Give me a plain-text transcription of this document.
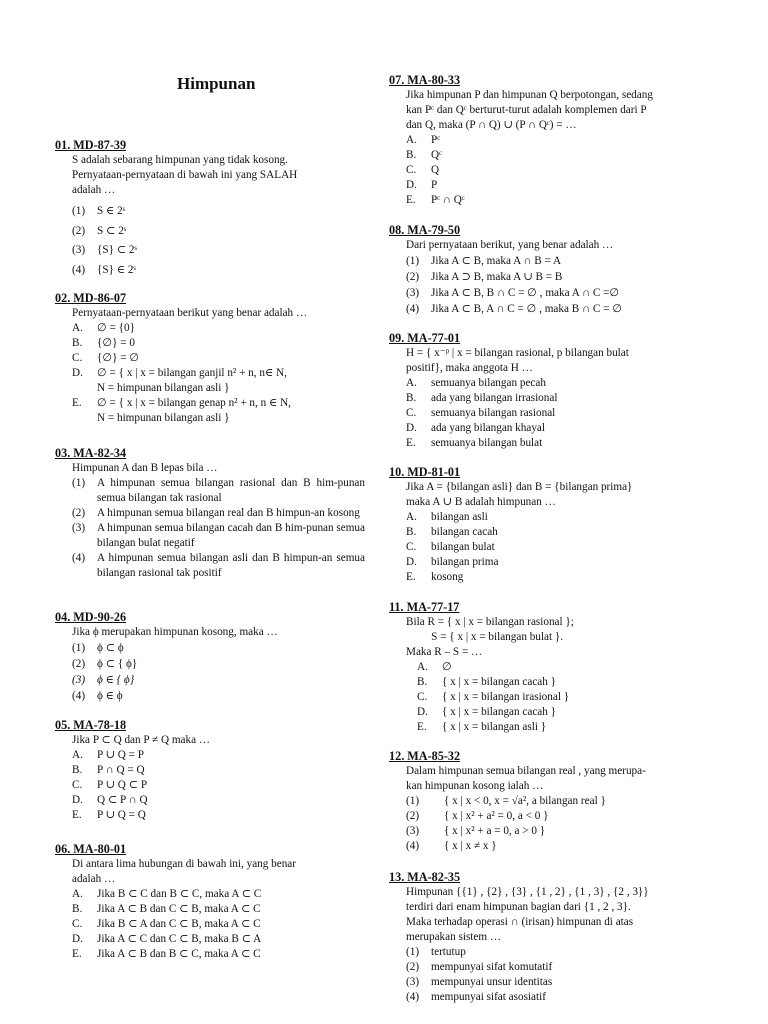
Himpunan
01. MD-87-39
S adalah sebarang himpunan yang tidak kosong.
Pernyataan-pernyataan di bawah ini yang SALAH
adalah …
(1)	S ∈ 2ˢ
(2)	S ⊂ 2ˢ
(3)	{S} ⊂ 2ˢ
(4)	{S} ∈ 2ˢ
02. MD-86-07
Pernyataan-pernyataan berikut yang benar adalah …
A.	∅ = {0}
B.	{∅} = 0
C.	{∅} = ∅
D.	∅ = { x | x = bilangan ganjil n² + n, n∈ N,
N = himpunan bilangan asli }
E.	∅ = { x | x = bilangan genap n² + n, n ∈ N,
N = himpunan bilangan asli }
03. MA-82-34
Himpunan A dan B lepas bila …
(1)	A himpunan semua bilangan rasional dan B him-punan semua bilangan tak rasional
(2)	A himpunan semua bilangan real dan B himpun-an kosong
(3)	A himpunan semua bilangan cacah dan B him-punan semua bilangan bulat negatif
(4)	A himpunan semua bilangan asli dan B himpun-an semua bilangan rasional tak positif
04. MD-90-26
Jika ϕ merupakan himpunan kosong, maka …
(1)	ϕ ⊂ ϕ
(2)	ϕ ⊂ { ϕ}
(3)	ϕ ∈ { ϕ}
(4)	ϕ ∈ ϕ
05. MA-78-18
Jika P ⊂ Q dan P ≠ Q maka …
A.	P ∪ Q = P
B.	P ∩ Q = Q
C.	P ∪ Q ⊂ P
D.	Q ⊂ P ∩ Q
E.	P ∪ Q = Q
06. MA-80-01
Di antara lima hubungan di bawah ini, yang benar
adalah …
A.	Jika B ⊂ C dan B ⊂ C, maka A ⊂ C
B.	Jika A ⊂ B dan C ⊂ B, maka A ⊂ C
C.	Jika B ⊂ A dan C ⊂ B, maka A ⊂ C
D.	Jika A ⊂ C dan C ⊂ B, maka B ⊂ A
E.	Jika A ⊂ B dan B ⊂ C, maka A ⊂ C
07. MA-80-33
Jika himpunan P dan himpunan Q berpotongan, sedang
kan Pᶜ dan Qᶜ berturut-turut adalah komplemen dari P
dan Q, maka (P ∩ Q) ∪ (P ∩ Qᶜ) = …
A.	Pᶜ
B.	Qᶜ
C.	Q
D.	P
E.	Pᶜ ∩ Qᶜ
08. MA-79-50
Dari pernyataan berikut, yang benar adalah …
(1)	Jika A ⊂ B, maka A ∩ B = A
(2)	Jika A ⊃ B, maka A ∪ B = B
(3)	Jika A ⊂ B, B ∩ C = ∅ , maka A ∩ C =∅
(4)	Jika A ⊂ B, A ∩ C = ∅ , maka B ∩ C = ∅
09. MA-77-01
H = { x⁻ᵖ | x = bilangan rasional, p bilangan bulat
positif}, maka anggota H …
A.	semuanya bilangan pecah
B.	ada yang bilangan irrasional
C.	semuanya bilangan rasional
D.	ada yang bilangan khayal
E.	semuanya bilangan bulat
10. MD-81-01
Jika A = {bilangan asli} dan B = {bilangan prima}
maka A ∪ B adalah himpunan …
A.	bilangan asli
B.	bilangan cacah
C.	bilangan bulat
D.	bilangan prima
E.	kosong
11. MA-77-17
Bila R = { x | x = bilangan rasional };
S = { x | x = bilangan bulat }.
Maka R – S = …
A.	∅
B.	{ x | x = bilangan cacah }
C.	{ x | x = bilangan irasional }
D.	{ x | x = bilangan cacah }
E.	{ x | x = bilangan asli }
12. MA-85-32
Dalam himpunan semua bilangan real , yang merupa-
kan himpunan kosong ialah …
(1)	{ x | x < 0, x = √a², a bilangan real }
(2)	{ x | x² + a² = 0, a < 0 }
(3)	{ x | x² + a = 0, a > 0 }
(4)	{ x | x ≠ x }
13. MA-82-35
Himpunan {{1} , {2} , {3} , {1 , 2} , {1 , 3} , {2 , 3}}
terdiri dari enam himpunan bagian dari {1 , 2 , 3}.
Maka terhadap operasi ∩ (irisan) himpunan di atas
merupakan sistem …
(1)	tertutup
(2)	mempunyai sifat komutatif
(3)	mempunyai unsur identitas
(4)	mempunyai sifat asosiatif
